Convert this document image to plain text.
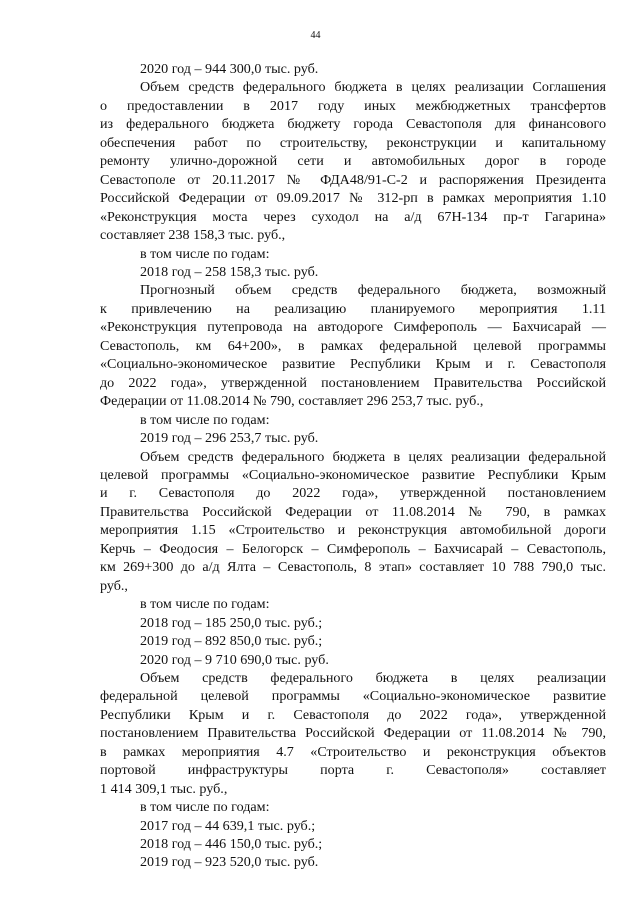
44
2020 год – 944 300,0 тыс. руб.
Объем средств федерального бюджета в целях реализации Соглашения
о предоставлении в 2017 году иных межбюджетных трансфертов
из федерального бюджета бюджету города Севастополя для финансового
обеспечения работ по строительству, реконструкции и капитальному
ремонту улично-дорожной сети и автомобильных дорог в городе
Севастополе от 20.11.2017 № ФДА48/91-С-2 и распоряжения Президента
Российской Федерации от 09.09.2017 № 312-рп в рамках мероприятия 1.10
«Реконструкция моста через суходол на а/д 67Н-134 пр-т Гагарина»
составляет 238 158,3 тыс. руб.,
в том числе по годам:
2018 год – 258 158,3 тыс. руб.
Прогнозный объем средств федерального бюджета, возможный
к привлечению на реализацию планируемого мероприятия 1.11
«Реконструкция путепровода на автодороге Симферополь — Бахчисарай —
Севастополь, км 64+200», в рамках федеральной целевой программы
«Социально-экономическое развитие Республики Крым и г. Севастополя
до 2022 года», утвержденной постановлением Правительства Российской
Федерации от 11.08.2014 № 790, составляет 296 253,7 тыс. руб.,
в том числе по годам:
2019 год – 296 253,7 тыс. руб.
Объем средств федерального бюджета в целях реализации федеральной
целевой программы «Социально-экономическое развитие Республики Крым
и г. Севастополя до 2022 года», утвержденной постановлением
Правительства Российской Федерации от 11.08.2014 № 790, в рамках
мероприятия 1.15 «Строительство и реконструкция автомобильной дороги
Керчь – Феодосия – Белогорск – Симферополь – Бахчисарай – Севастополь,
км 269+300 до а/д Ялта – Севастополь, 8 этап» составляет 10 788 790,0 тыс.
руб.,
в том числе по годам:
2018 год – 185 250,0 тыс. руб.;
2019 год – 892 850,0 тыс. руб.;
2020 год – 9 710 690,0 тыс. руб.
Объем средств федерального бюджета в целях реализации
федеральной целевой программы «Социально-экономическое развитие
Республики Крым и г. Севастополя до 2022 года», утвержденной
постановлением Правительства Российской Федерации от 11.08.2014 № 790,
в рамках мероприятия 4.7 «Строительство и реконструкция объектов
портовой инфраструктуры порта г. Севастополя» составляет
1 414 309,1 тыс. руб.,
в том числе по годам:
2017 год – 44 639,1 тыс. руб.;
2018 год – 446 150,0 тыс. руб.;
2019 год – 923 520,0 тыс. руб.
